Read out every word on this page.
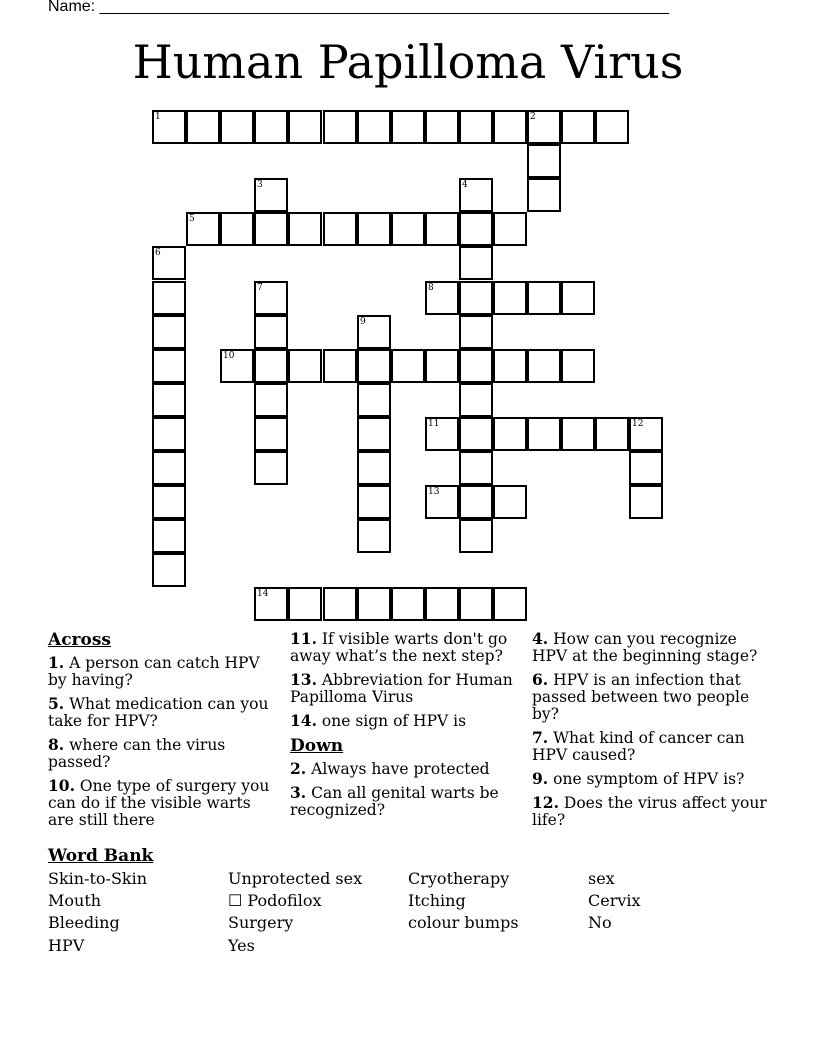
Name: ________________________________________________________________
Human Papilloma Virus
1	2
3	4
5
6
7	8
9
10
11	12
13
14
Across
1. A person can catch HPV by having?
5. What medication can you take for HPV?
8. where can the virus passed?
10. One type of surgery you can do if the visible warts are still there
11. If visible warts don't go away what’s the next step?
13. Abbreviation for Human Papilloma Virus
14. one sign of HPV is
Down
2. Always have protected
3. Can all genital warts be recognized?
4. How can you recognize HPV at the beginning stage?
6. HPV is an infection that passed between two people by?
7. What kind of cancer can HPV caused?
9. one symptom of HPV is?
12. Does the virus affect your life?
Word Bank
Skin-to-Skin
Mouth
Bleeding
HPV
Unprotected sex
☐ Podofilox
Surgery
Yes
Cryotherapy
Itching
colour bumps
sex
Cervix
No
